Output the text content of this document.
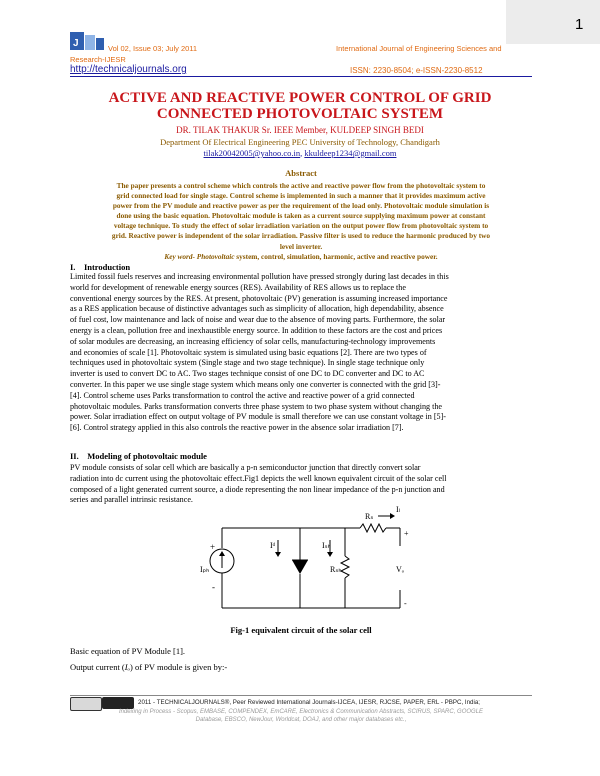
1
J	Vol 02, Issue 03; July 2011
Research-IJESR
http://technicaljournals.org
International Journal of Engineering Sciences and
ISSN: 2230-8504; e-ISSN-2230-8512
ACTIVE AND REACTIVE POWER CONTROL OF GRID
CONNECTED PHOTOVOLTAIC SYSTEM
DR. TILAK THAKUR Sr. IEEE Member, KULDEEP SINGH BEDI
Department Of Electrical Engineering PEC University of Technology, Chandigarh
tilak20042005@yahoo.co.in, kkuldeep1234@gmail.com
Abstract
The paper presents a control scheme which controls the active and reactive power flow from the photovoltaic system to
grid connected load for single stage. Control scheme is implemented in such a manner that it provides maximum active
power from the PV module and reactive power as per the requirement of the load only. Photovoltaic module simulation is
done using the basic equation. Photovoltaic module is taken as a current source supplying maximum power at constant
voltage technique. To study the effect of solar irradiation variation on the output power flow from photovoltaic system to
grid. Reactive power is independent of the solar irradiation. Passive filter is used to reduce the harmonic produced by two
level inverter.
Key word- Photovoltaic system, control, simulation, harmonic, active and reactive power.
I. Introduction
Limited fossil fuels reserves and increasing environmental pollution have pressed strongly during last decades in this
world for development of renewable energy sources (RES). Availability of RES allows us to replace the
conventional energy sources by the RES. At present, photovoltaic (PV) generation is assuming increased importance
as a RES application because of distinctive advantages such as simplicity of allocation, high dependability, absence
of fuel cost, low maintenance and lack of noise and wear due to the absence of moving parts. Furthermore, the solar
energy is a clean, pollution free and inexhaustible energy source. In addition to these factors are the cost and prices
of solar modules are decreasing, an increasing efficiency of solar cells, manufacturing-technology improvements
and economies of scale [1]. Photovoltaic system is simulated using basic equations [2]. There are two types of
techniques used in photovoltaic system (Single stage and two stage technique). In single stage technique only
inverter is used to convert DC to AC. Two stages technique consist of one DC to DC converter and DC to AC
converter. In this paper we use single stage system which means only one converter is connected with the grid [3]-
[4]. Control scheme uses Parks transformation to control the active and reactive power of a grid connected
photovoltaic modules. Parks transformation converts three phase system to two phase system without changing the
power. Solar irradiation effect on output voltage of PV module is small therefore we can use constant voltage in [5]-
[6]. Control strategy applied in this also controls the reactive power in the absence solar irradiation [7].
II. Modeling of photovoltaic module
PV module consists of solar cell which are basically a p-n semiconductor junction that directly convert solar
radiation into dc current using the photovoltaic effect.Fig1 depicts the well known equivalent circuit of the solar cell
composed of a light generated current source, a diode representing the non linear impedance of the p-n junction and
series and parallel intrinsic resistance.
Rₛ
Iₗ
Iᵈ	Iₛₕ
Rₛₕ
Iₚₕ	Vₒ
+
-
+
-
Fig-1 equivalent circuit of the solar cell
Basic equation of PV Module [1].
Output current (Iₒ) of PV module is given by:-
2011 - TECHNICALJOURNALS®, Peer Reviewed International Journals-IJCEA, IJESR, RJCSE, PAPER, ERL - PBPC, India;
Indexing in Process - Scopus, EMBASE, COMPENDEX, EmCARE, Electronics & Communication Abstracts, SCIRUS, SPARC, GOOGLE
Database, EBSCO, NewJour, Worldcat, DOAJ, and other major databases etc.,
